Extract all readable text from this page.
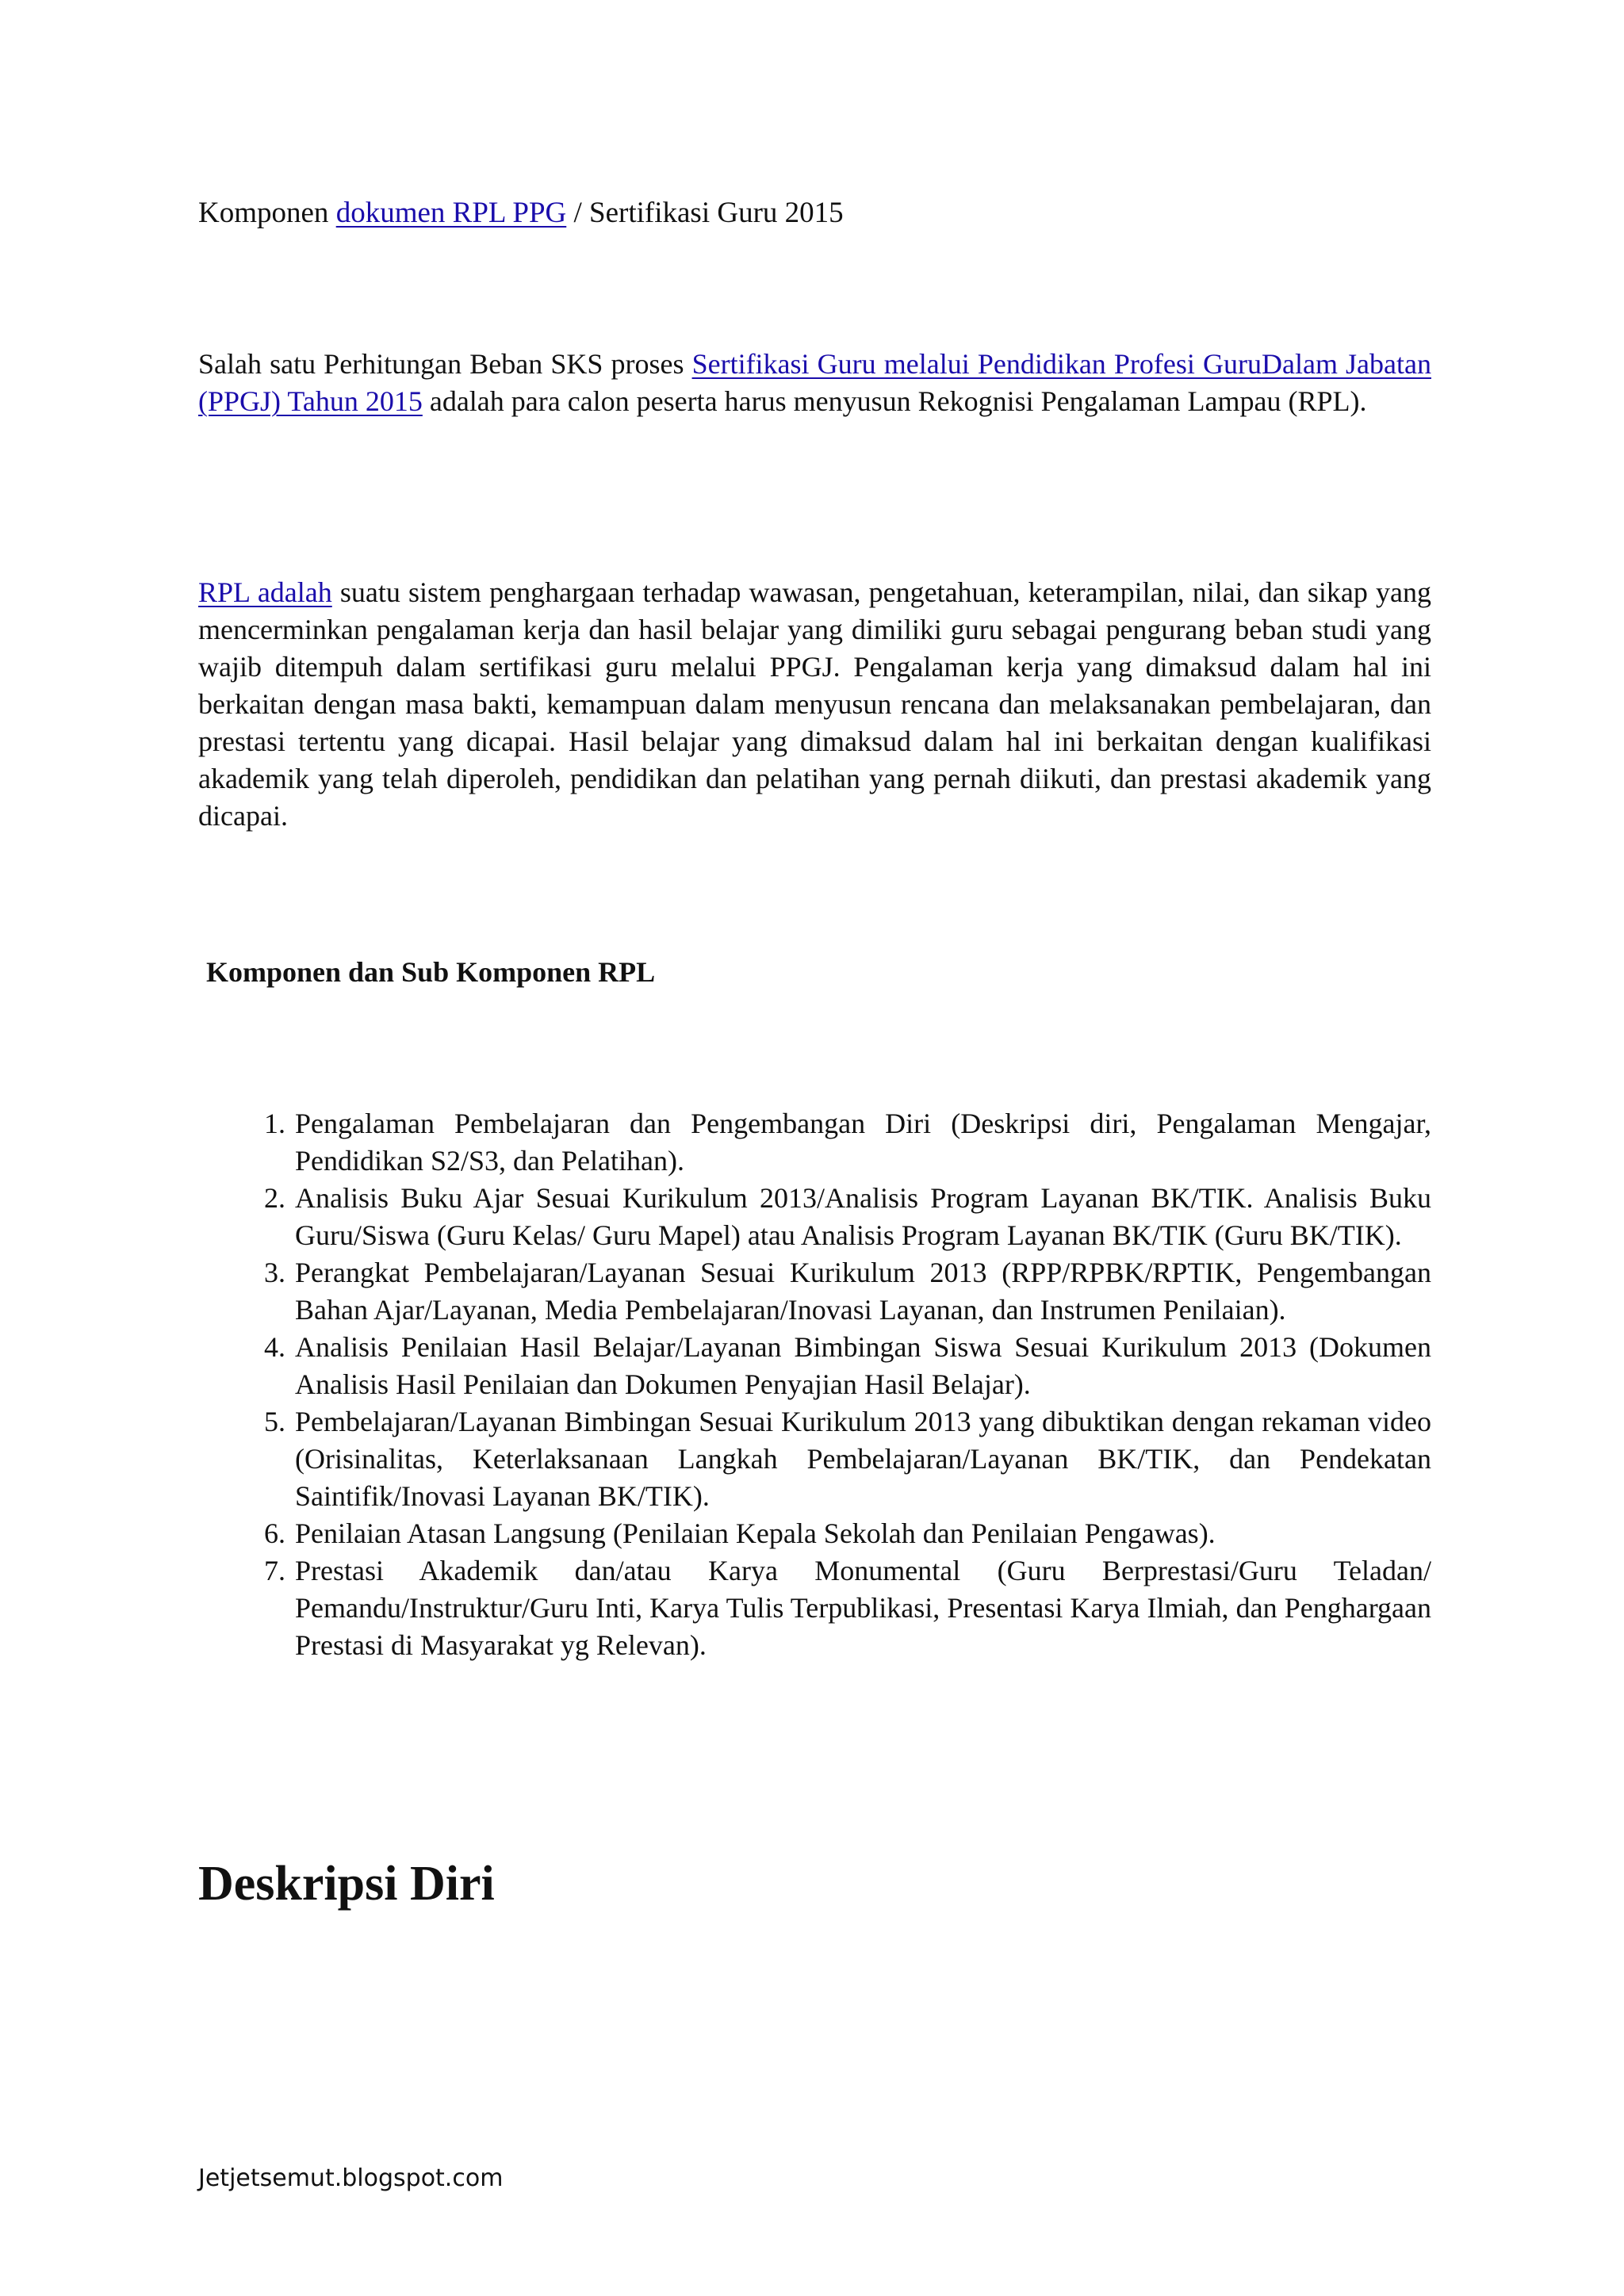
Komponen dokumen RPL PPG / Sertifikasi Guru 2015
Salah satu Perhitungan Beban SKS proses Sertifikasi Guru melalui Pendidikan Profesi GuruDalam Jabatan (PPGJ) Tahun 2015 adalah para calon peserta harus menyusun Rekognisi Pengalaman Lampau (RPL).
RPL adalah suatu sistem penghargaan terhadap wawasan, pengetahuan, keterampilan, nilai, dan sikap yang mencerminkan pengalaman kerja dan hasil belajar yang dimiliki guru sebagai pengurang beban studi yang wajib ditempuh dalam sertifikasi guru melalui PPGJ. Pengalaman kerja yang dimaksud dalam hal ini berkaitan dengan masa bakti, kemampuan dalam menyusun rencana dan melaksanakan pembelajaran, dan prestasi tertentu yang dicapai. Hasil belajar yang dimaksud dalam hal ini berkaitan dengan kualifikasi akademik yang telah diperoleh, pendidikan dan pelatihan yang pernah diikuti, dan prestasi akademik yang dicapai.
Komponen dan Sub Komponen RPL
1. Pengalaman Pembelajaran dan Pengembangan Diri (Deskripsi diri, Pengalaman Mengajar, Pendidikan S2/S3, dan Pelatihan).
2. Analisis Buku Ajar Sesuai Kurikulum 2013/Analisis Program Layanan BK/TIK. Analisis Buku Guru/Siswa (Guru Kelas/ Guru Mapel) atau Analisis Program Layanan BK/TIK (Guru BK/TIK).
3. Perangkat Pembelajaran/Layanan Sesuai Kurikulum 2013 (RPP/RPBK/RPTIK, Pengembangan Bahan Ajar/Layanan, Media Pembelajaran/Inovasi Layanan, dan Instrumen Penilaian).
4. Analisis Penilaian Hasil Belajar/Layanan Bimbingan Siswa Sesuai Kurikulum 2013 (Dokumen Analisis Hasil Penilaian dan Dokumen Penyajian Hasil Belajar).
5. Pembelajaran/Layanan Bimbingan Sesuai Kurikulum 2013 yang dibuktikan dengan rekaman video (Orisinalitas, Keterlaksanaan Langkah Pembelajaran/Layanan BK/TIK, dan Pendekatan Saintifik/Inovasi Layanan BK/TIK).
6. Penilaian Atasan Langsung (Penilaian Kepala Sekolah dan Penilaian Pengawas).
7. Prestasi Akademik dan/atau Karya Monumental (Guru Berprestasi/Guru Teladan/ Pemandu/Instruktur/Guru Inti, Karya Tulis Terpublikasi, Presentasi Karya Ilmiah, dan Penghargaan Prestasi di Masyarakat yg Relevan).
Deskripsi Diri
Jetjetsemut.blogspot.com
